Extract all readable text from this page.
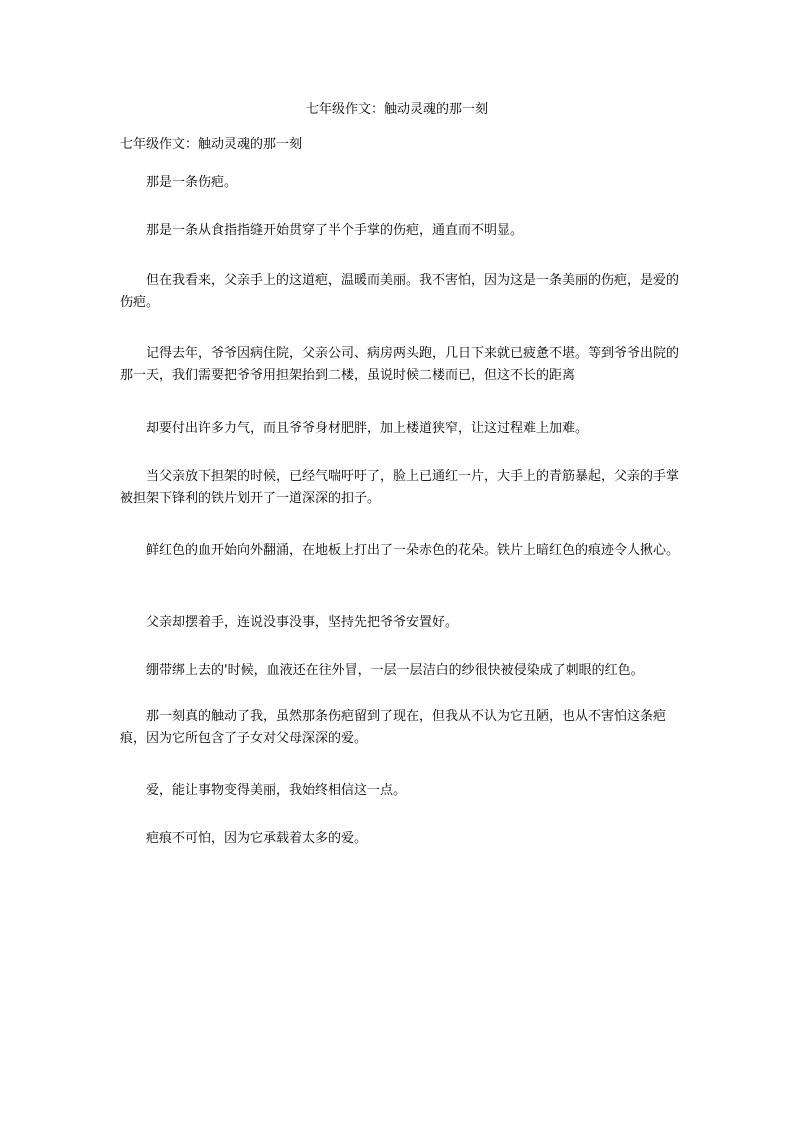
七年级作文：触动灵魂的那一刻
七年级作文：触动灵魂的那一刻

那是一条伤疤。

那是一条从食指指缝开始贯穿了半个手掌的伤疤，通直而不明显。

但在我看来，父亲手上的这道疤，温暖而美丽。我不害怕，因为这是一条美丽的伤疤，是爱的伤疤。

记得去年，爷爷因病住院，父亲公司、病房两头跑，几日下来就已疲惫不堪。等到爷爷出院的那一天，我们需要把爷爷用担架抬到二楼，虽说时候二楼而已，但这不长的距离

却要付出许多力气，而且爷爷身材肥胖，加上楼道狭窄，让这过程难上加难。

当父亲放下担架的时候，已经气喘吁吁了，脸上已通红一片，大手上的青筋暴起，父亲的手掌被担架下锋利的铁片划开了一道深深的扣子。

鲜红色的血开始向外翻涌，在地板上打出了一朵赤色的花朵。铁片上暗红色的痕迹令人揪心。

父亲却摆着手，连说没事没事，坚持先把爷爷安置好。

绷带绑上去的'时候，血液还在往外冒，一层一层洁白的纱很快被侵染成了刺眼的红色。

那一刻真的触动了我，虽然那条伤疤留到了现在，但我从不认为它丑陋，也从不害怕这条疤痕，因为它所包含了子女对父母深深的爱。

爱，能让事物变得美丽，我始终相信这一点。

疤痕不可怕，因为它承载着太多的爱。
